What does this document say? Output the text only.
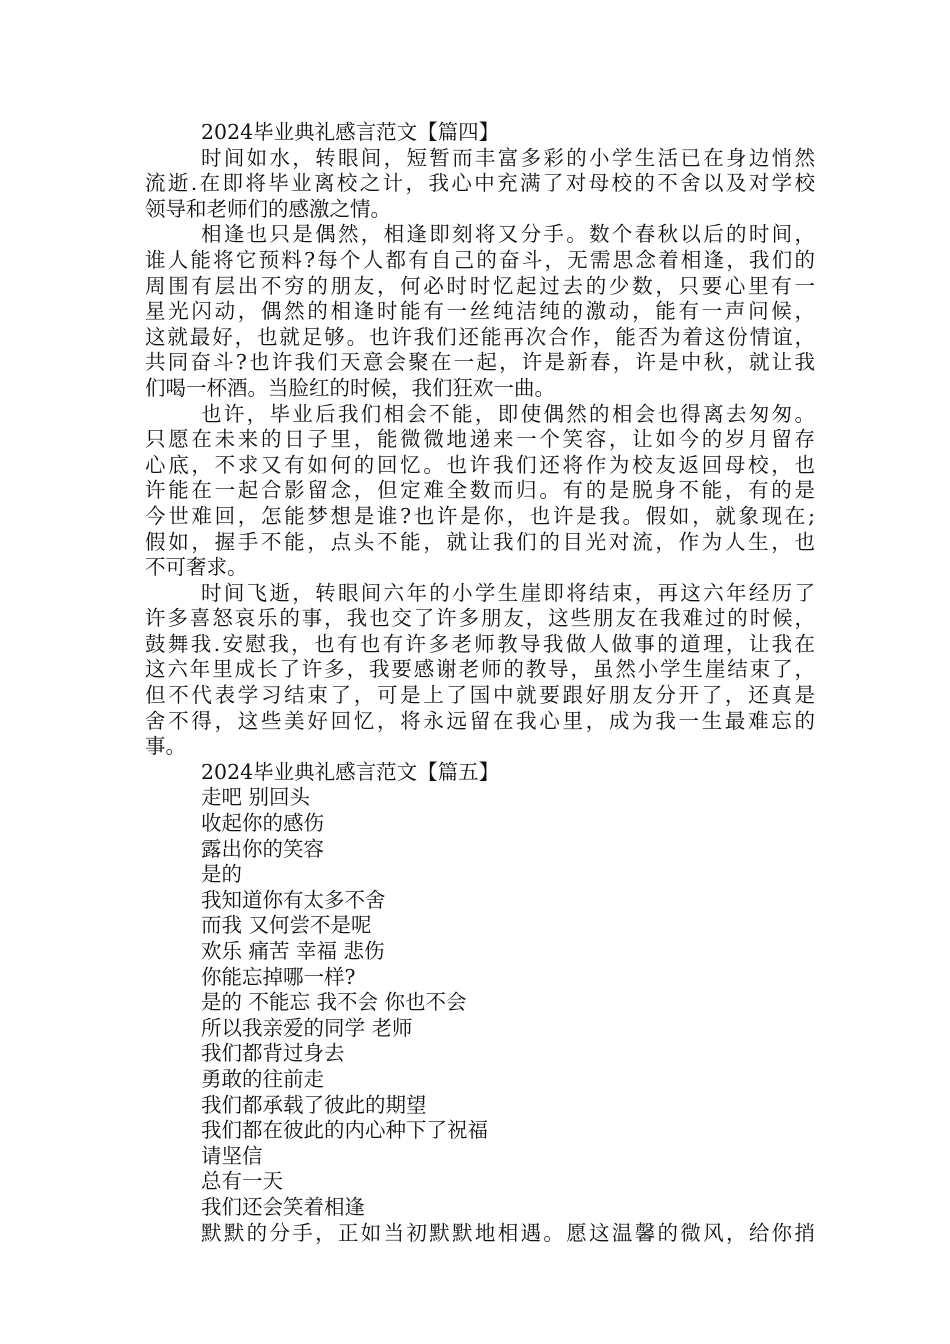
2024毕业典礼感言范文【篇四】
时间如水，转眼间，短暂而丰富多彩的小学生活已在身边悄然
流逝.在即将毕业离校之计，我心中充满了对母校的不舍以及对学校
领导和老师们的感激之情。
相逢也只是偶然，相逢即刻将又分手。数个春秋以后的时间，
谁人能将它预料?每个人都有自己的奋斗，无需思念着相逢，我们的
周围有层出不穷的朋友，何必时时忆起过去的少数，只要心里有一
星光闪动，偶然的相逢时能有一丝纯洁纯的激动，能有一声问候，
这就最好，也就足够。也许我们还能再次合作，能否为着这份情谊，
共同奋斗?也许我们天意会聚在一起，许是新春，许是中秋，就让我
们喝一杯酒。当脸红的时候，我们狂欢一曲。
也许，毕业后我们相会不能，即使偶然的相会也得离去匆匆。
只愿在未来的日子里，能微微地递来一个笑容，让如今的岁月留存
心底，不求又有如何的回忆。也许我们还将作为校友返回母校，也
许能在一起合影留念，但定难全数而归。有的是脱身不能，有的是
今世难回，怎能梦想是谁?也许是你，也许是我。假如，就象现在;
假如，握手不能，点头不能，就让我们的目光对流，作为人生，也
不可奢求。
时间飞逝，转眼间六年的小学生崖即将结束，再这六年经历了
许多喜怒哀乐的事，我也交了许多朋友，这些朋友在我难过的时候，
鼓舞我.安慰我，也有也有许多老师教导我做人做事的道理，让我在
这六年里成长了许多，我要感谢老师的教导，虽然小学生崖结束了，
但不代表学习结束了，可是上了国中就要跟好朋友分开了，还真是
舍不得，这些美好回忆，将永远留在我心里，成为我一生最难忘的
事。
2024毕业典礼感言范文【篇五】
走吧 别回头
收起你的感伤
露出你的笑容
是的
我知道你有太多不舍
而我 又何尝不是呢
欢乐 痛苦 幸福 悲伤
你能忘掉哪一样?
是的 不能忘 我不会 你也不会
所以我亲爱的同学 老师
我们都背过身去
勇敢的往前走
我们都承载了彼此的期望
我们都在彼此的内心种下了祝福
请坚信
总有一天
我们还会笑着相逢
默默的分手，正如当初默默地相遇。愿这温馨的微风，给你捎
